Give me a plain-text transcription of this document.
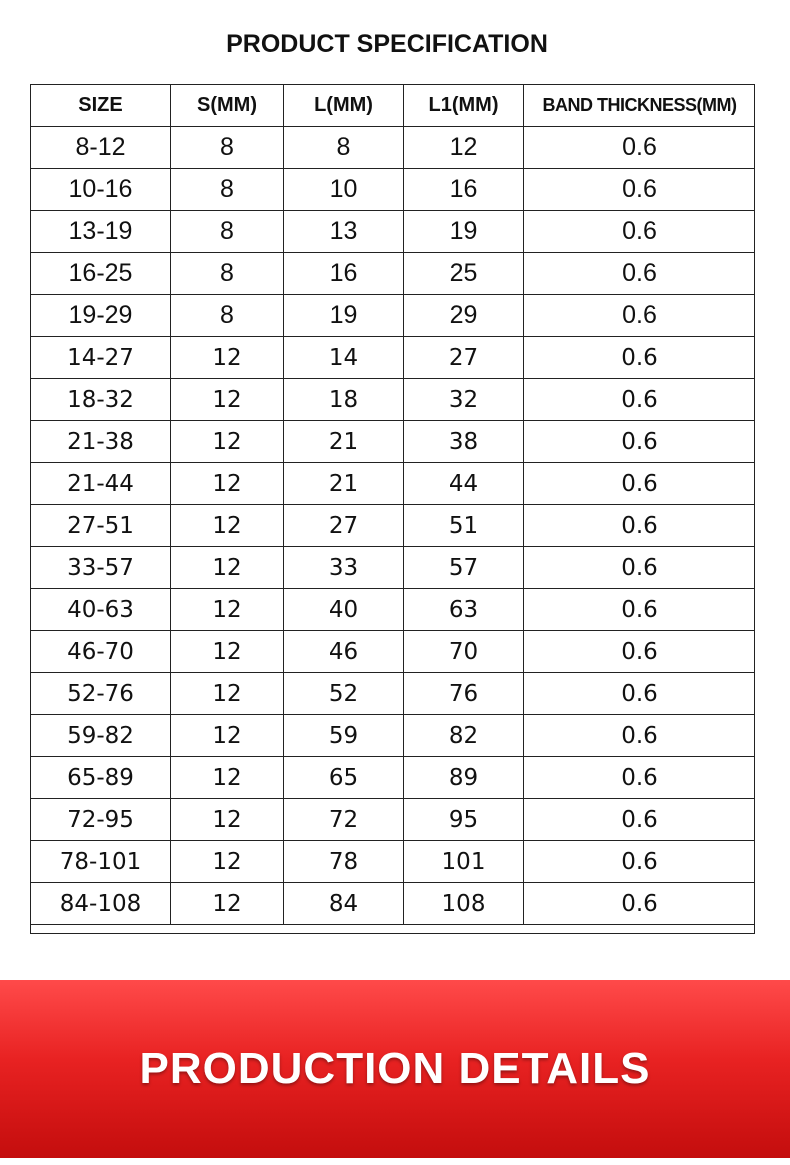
PRODUCT SPECIFICATION
SIZE	S(MM)	L(MM)	L1(MM)	BAND THICKNESS(MM)
8-12	8	8	12	0.6
10-16	8	10	16	0.6
13-19	8	13	19	0.6
16-25	8	16	25	0.6
19-29	8	19	29	0.6
14-27	12	14	27	0.6
18-32	12	18	32	0.6
21-38	12	21	38	0.6
21-44	12	21	44	0.6
27-51	12	27	51	0.6
33-57	12	33	57	0.6
40-63	12	40	63	0.6
46-70	12	46	70	0.6
52-76	12	52	76	0.6
59-82	12	59	82	0.6
65-89	12	65	89	0.6
72-95	12	72	95	0.6
78-101	12	78	101	0.6
84-108	12	84	108	0.6
PRODUCTION DETAILS
